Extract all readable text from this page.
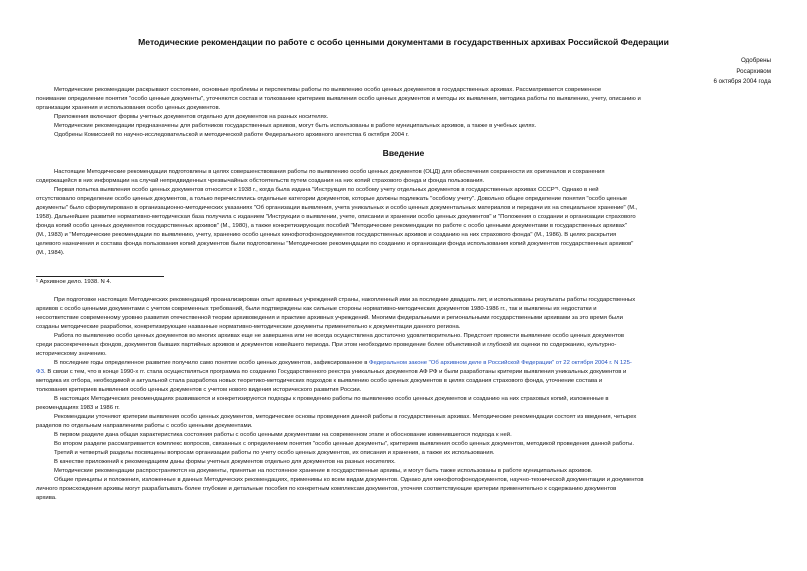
Методические рекомендации по работе с особо ценными документами в государственных архивах Российской Федерации
Одобрены
Росархивом
6 октября 2004 года

Методические рекомендации раскрывают состояние, основные проблемы и перспективы работы по выявлению особо ценных документов в государственных архивах. Рассматривается современное

понимание определение понятия "особо ценные документы", уточняются состав и толкование критериев выявления особо ценных документов и методы их выявления, методика работы по выявлению, учету, описанию и

организации хранения и использования особо ценных документов.

Приложения включают формы учетных документов отдельно для документов на разных носителях.

Методические рекомендации предназначены для работников государственных архивов, могут быть использованы в работе муниципальных архивов, а также в учебных целях.

Одобрены Комиссией по научно-исследовательской и методической работе Федерального архивного агентства 6 октября 2004 г.

Введение

Настоящие Методические рекомендации подготовлены в целях совершенствования работы по выявлению особо ценных документов (ОЦД) для обеспечения сохранности их оригиналов и сохранения

содержащейся в них информации на случай непредвиденных чрезвычайных обстоятельств путем создания на них копий страхового фонда и фонда пользования.

Первая попытка выявления особо ценных документов относится к 1938 г., когда была издана "Инструкция по особому учету отдельных документов в государственных архивах СССР"¹. Однако в ней

отсутствовало определение особо ценных документов, а только перечислялись отдельные категории документов, которые должны подлежать "особому учету". Довольно общее определение понятия "особо ценные

документы" было сформулировано в организационно-методических указаниях "Об организации выявления, учета уникальных и особо ценных документальных материалов и передачи их на специальное хранение" (М.,

1958). Дальнейшее развитие нормативно-методическая база получила с изданием "Инструкции о выявлении, учете, описании и хранении особо ценных документов" и "Положения о создании и организации страхового

фонда копий особо ценных документов государственных архивов" (М., 1980), а также конкретизирующих пособий "Методические рекомендации по работе с особо ценными документами в государственных архивах"

(М., 1983) и "Методические рекомендации по выявлению, учету, хранению особо ценных кинофотофонодокументов государственных архивов и созданию на них страхового фонда" (М., 1986). В целях раскрытия

целевого назначения и состава фонда пользования копий документов были подготовлены "Методические рекомендации по созданию и организации фонда использования копий документов государственных архивов"

(М., 1984).

¹ Архивное дело. 1938. N 4.

При подготовке настоящих Методических рекомендаций проанализирован опыт архивных учреждений страны, накопленный ими за последние двадцать лет, и использованы результаты работы государственных

архивов с особо ценными документами с учетом современных требований, были подтверждены как сильные стороны нормативно-методических документов 1980-1986 гг., так и выявлены их недостатки и

несоответствие современному уровню развития отечественной теории архивоведения и практике архивных учреждений. Многими федеральными и региональными государственными архивами за это время были

созданы методические разработки, конкретизирующие названные нормативно-методические документы применительно к документации данного региона.

Работа по выявлению особо ценных документов во многих архивах еще не завершена или не всегда осуществлена достаточно удовлетворительно. Предстоит провести выявление особо ценных документов

среди рассекреченных фондов, документов бывших партийных архивов и документов новейшего периода. При этом необходимо проведение более объективной и глубокой их оценки по содержанию, культурно-

историческому значению.

В последние годы определенное развитие получило само понятие особо ценных документов, зафиксированное в Федеральном законе "Об архивном деле в Российской Федерации" от 22 октября 2004 г. N 125-

ФЗ. В связи с тем, что в конце 1990-х гг. стала осуществляться программа по созданию Государственного реестра уникальных документов АФ РФ и были разработаны критерии выявления уникальных документов и

методика их отбора, необходимой и актуальной стала разработка новых теоретико-методических подходов к выявлению особо ценных документов в целях создания страхового фонда, уточнение состава и

толкования критериев выявления особо ценных документов с учетом нового видения исторического развития России.

В настоящих Методических рекомендациях развиваются и конкретизируются подходы к проведению работы по выявлению особо ценных документов и созданию на них страховых копий, изложенные в

рекомендациях 1983 и 1986 гг.

Рекомендации уточняют критерии выявления особо ценных документов, методические основы проведения данной работы в государственных архивах. Методические рекомендации состоят из введения, четырех

разделов по отдельным направлениям работы с особо ценными документами.

В первом разделе дана общая характеристика состояния работы с особо ценными документами на современном этапе и обоснование изменившегося подхода к ней.

Во втором разделе рассматривается комплекс вопросов, связанных с определением понятия "особо ценные документы", критериев выявления особо ценных документов, методикой проведения данной работы.

Третий и четвертый разделы посвящены вопросам организации работы по учету особо ценных документов, их описания и хранения, а также их использования.

В качестве приложений к рекомендациям даны формы учетных документов отдельно для документов на разных носителях.

Методические рекомендации распространяются на документы, принятые на постоянное хранение в государственные архивы, и могут быть также использованы в работе муниципальных архивов.

Общие принципы и положения, изложенные в данных Методических рекомендациях, применимы ко всем видам документов. Однако для кинофотофонодокументов, научно-технической документации и документов

личного происхождения архивы могут разрабатывать более глубокие и детальные пособия по конкретным комплексам документов, уточняя соответствующие критерии применительно к содержанию документов

архива.
